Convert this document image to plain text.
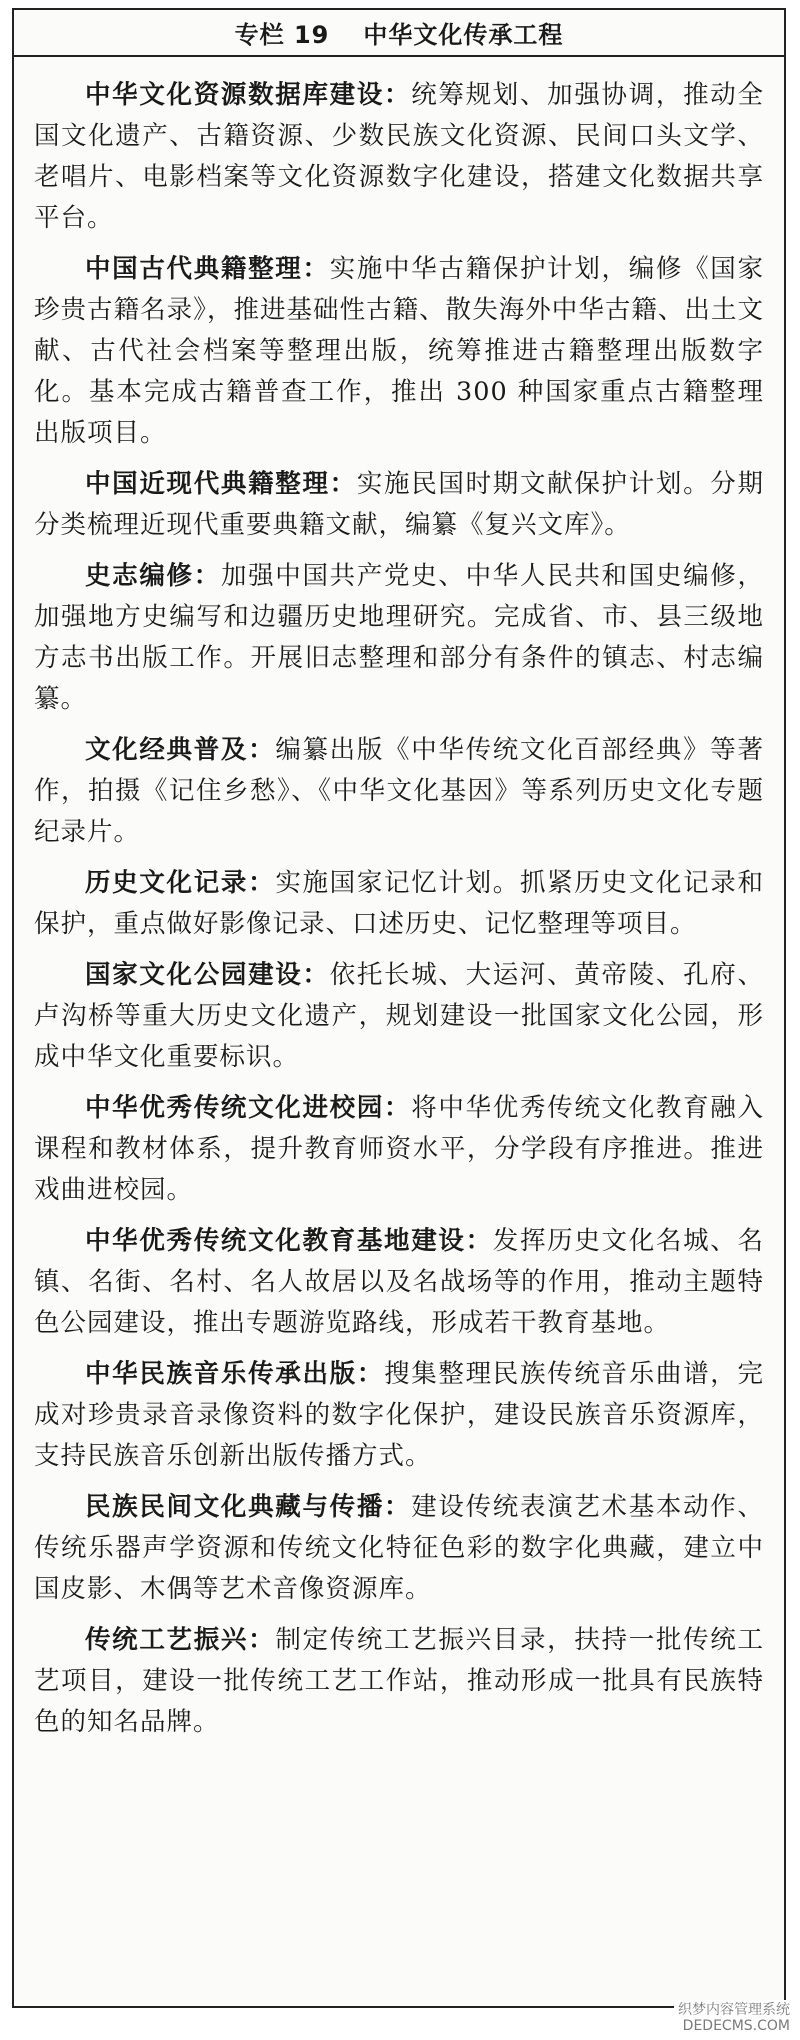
专栏 19 中华文化传承工程

中华文化资源数据库建设：统筹规划、加强协调，推动全国文化遗产、古籍资源、少数民族文化资源、民间口头文学、老唱片、电影档案等文化资源数字化建设，搭建文化数据共享平台。

中国古代典籍整理：实施中华古籍保护计划，编修《国家珍贵古籍名录》，推进基础性古籍、散失海外中华古籍、出土文献、古代社会档案等整理出版，统筹推进古籍整理出版数字化。基本完成古籍普查工作，推出 300 种国家重点古籍整理出版项目。

中国近现代典籍整理：实施民国时期文献保护计划。分期分类梳理近现代重要典籍文献，编纂《复兴文库》。

史志编修：加强中国共产党史、中华人民共和国史编修，加强地方史编写和边疆历史地理研究。完成省、市、县三级地方志书出版工作。开展旧志整理和部分有条件的镇志、村志编纂。

文化经典普及：编纂出版《中华传统文化百部经典》等著作，拍摄《记住乡愁》、《中华文化基因》等系列历史文化专题纪录片。

历史文化记录：实施国家记忆计划。抓紧历史文化记录和保护，重点做好影像记录、口述历史、记忆整理等项目。

国家文化公园建设：依托长城、大运河、黄帝陵、孔府、卢沟桥等重大历史文化遗产，规划建设一批国家文化公园，形成中华文化重要标识。

中华优秀传统文化进校园：将中华优秀传统文化教育融入课程和教材体系，提升教育师资水平，分学段有序推进。推进戏曲进校园。

中华优秀传统文化教育基地建设：发挥历史文化名城、名镇、名街、名村、名人故居以及名战场等的作用，推动主题特色公园建设，推出专题游览路线，形成若干教育基地。

中华民族音乐传承出版：搜集整理民族传统音乐曲谱，完成对珍贵录音录像资料的数字化保护，建设民族音乐资源库，支持民族音乐创新出版传播方式。

民族民间文化典藏与传播：建设传统表演艺术基本动作、传统乐器声学资源和传统文化特征色彩的数字化典藏，建立中国皮影、木偶等艺术音像资源库。

传统工艺振兴：制定传统工艺振兴目录，扶持一批传统工艺项目，建设一批传统工艺工作站，推动形成一批具有民族特色的知名品牌。

织梦内容管理系统
DEDECMS.COM
